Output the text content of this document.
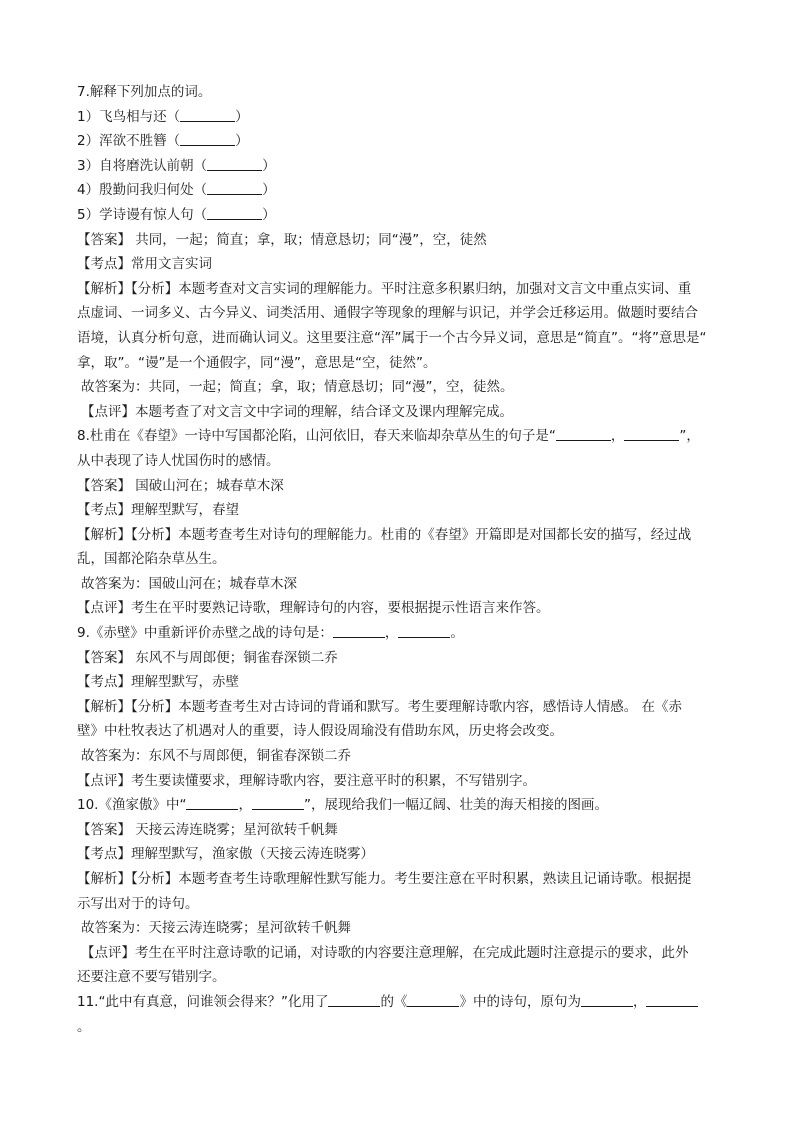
7.解释下列加点的词。
1）飞鸟相与还（	）
2）浑欲不胜簪（	）
3）自将磨洗认前朝（	）
4）殷勤问我归何处（	）
5）学诗谩有惊人句（	）
【答案】 共同，一起；简直；拿，取；情意恳切；同“漫”，空，徒然
【考点】常用文言实词
【解析】【分析】本题考查对文言实词的理解能力。平时注意多积累归纳，加强对文言文中重点实词、重
点虚词、一词多义、古今异义、词类活用、通假字等现象的理解与识记，并学会迁移运用。做题时要结合
语境，认真分析句意，进而确认词义。这里要注意“浑”属于一个古今异义词，意思是“简直”。“将”意思是“
拿，取”。“谩”是一个通假字，同“漫”，意思是“空，徒然”。
故答案为：共同，一起；简直；拿，取；情意恳切；同“漫”，空，徒然。
【点评】本题考查了对文言文中字词的理解，结合译文及课内理解完成。
8.杜甫在《春望》一诗中写国都沦陷，山河依旧，春天来临却杂草丛生的句子是“	，	”，
从中表现了诗人忧国伤时的感情。
【答案】 国破山河在；城春草木深
【考点】理解型默写，春望
【解析】【分析】本题考查考生对诗句的理解能力。杜甫的《春望》开篇即是对国都长安的描写，经过战
乱，国都沦陷杂草丛生。
故答案为：国破山河在；城春草木深
【点评】考生在平时要熟记诗歌，理解诗句的内容，要根据提示性语言来作答。
9.《赤壁》中重新评价赤壁之战的诗句是：	，	。
【答案】 东风不与周郎便；铜雀春深锁二乔
【考点】理解型默写，赤壁
【解析】【分析】本题考查考生对古诗词的背诵和默写。考生要理解诗歌内容，感悟诗人情感。 在《赤
壁》中杜牧表达了机遇对人的重要，诗人假设周瑜没有借助东风，历史将会改变。
故答案为：东风不与周郎便，铜雀春深锁二乔
【点评】考生要读懂要求，理解诗歌内容，要注意平时的积累，不写错别字。
10.《渔家傲》中“	，	”，展现给我们一幅辽阔、壮美的海天相接的图画。
【答案】 天接云涛连晓雾；星河欲转千帆舞
【考点】理解型默写，渔家傲（天接云涛连晓雾）
【解析】【分析】本题考查考生诗歌理解性默写能力。考生要注意在平时积累，熟读且记诵诗歌。根据提
示写出对于的诗句。
故答案为：天接云涛连晓雾；星河欲转千帆舞
【点评】考生在平时注意诗歌的记诵，对诗歌的内容要注意理解，在完成此题时注意提示的要求，此外
还要注意不要写错别字。
11.“此中有真意，问谁领会得来？”化用了	的《	》中的诗句，原句为	，
。
